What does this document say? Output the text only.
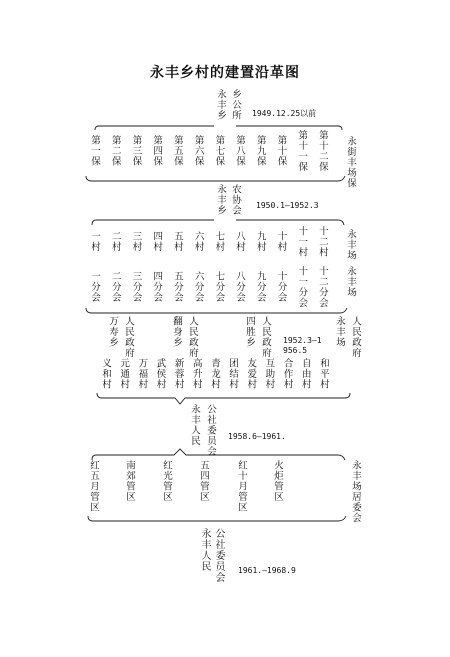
永丰乡村的建置沿革图
永丰乡 乡公所 1949.12.25以前
第一保 第二保 第三保 第四保 第五保 第六保 第七保 第八保 第九保 第十保 第十一保 第十二保 永街丰场保
永丰乡 农协会 1950.1—1952.3
一村 二村 三村 四村 五村 六村 七村 八村 九村 十村 十一村 十二村 永丰场
一分会 二分会 三分会 四分会 五分会 六分会 七分会 八分会 九分会 十分会 十一分会 十二分会 永丰场
万寿乡 人民政府	翻身乡 人民政府	四胜乡 人民政府 1952.3—1956.5
永丰场 人民政府
义和村 元通村 万福村 武侯村 新蓉村 高升村 青龙村 团结村 友爱村 互助村 合作村 自由村 和平村
永丰人民 公社委员会 1958.6—1961.
红五月管区	南郊管区	红光管区	五四管区	红十月管区	火炬管区	永丰场居委会
永丰人民 公社委员会 1961.—1968.9
